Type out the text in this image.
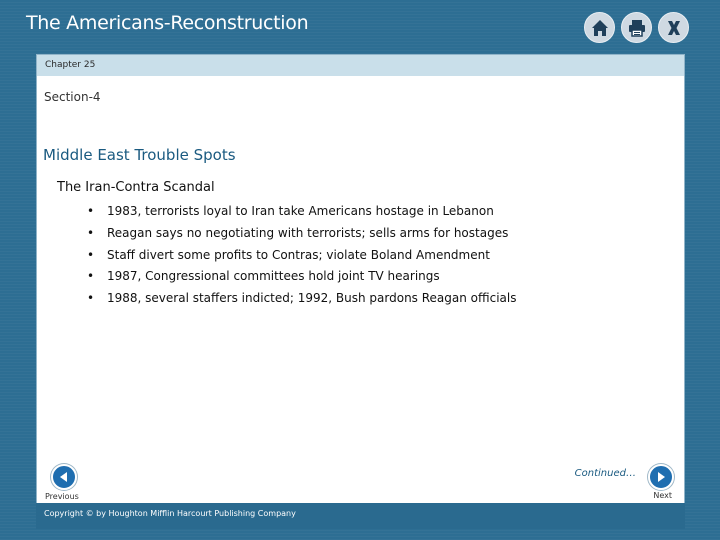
The Americans-Reconstruction
Chapter 25
Section-4
Middle East Trouble Spots
The Iran-Contra Scandal
• 1983, terrorists loyal to Iran take Americans hostage in Lebanon
• Reagan says no negotiating with terrorists; sells arms for hostages
• Staff divert some profits to Contras; violate Boland Amendment
• 1987, Congressional committees hold joint TV hearings
• 1988, several staffers indicted; 1992, Bush pardons Reagan officials
Continued…
Previous	Next
Copyright © by Houghton Mifflin Harcourt Publishing Company
